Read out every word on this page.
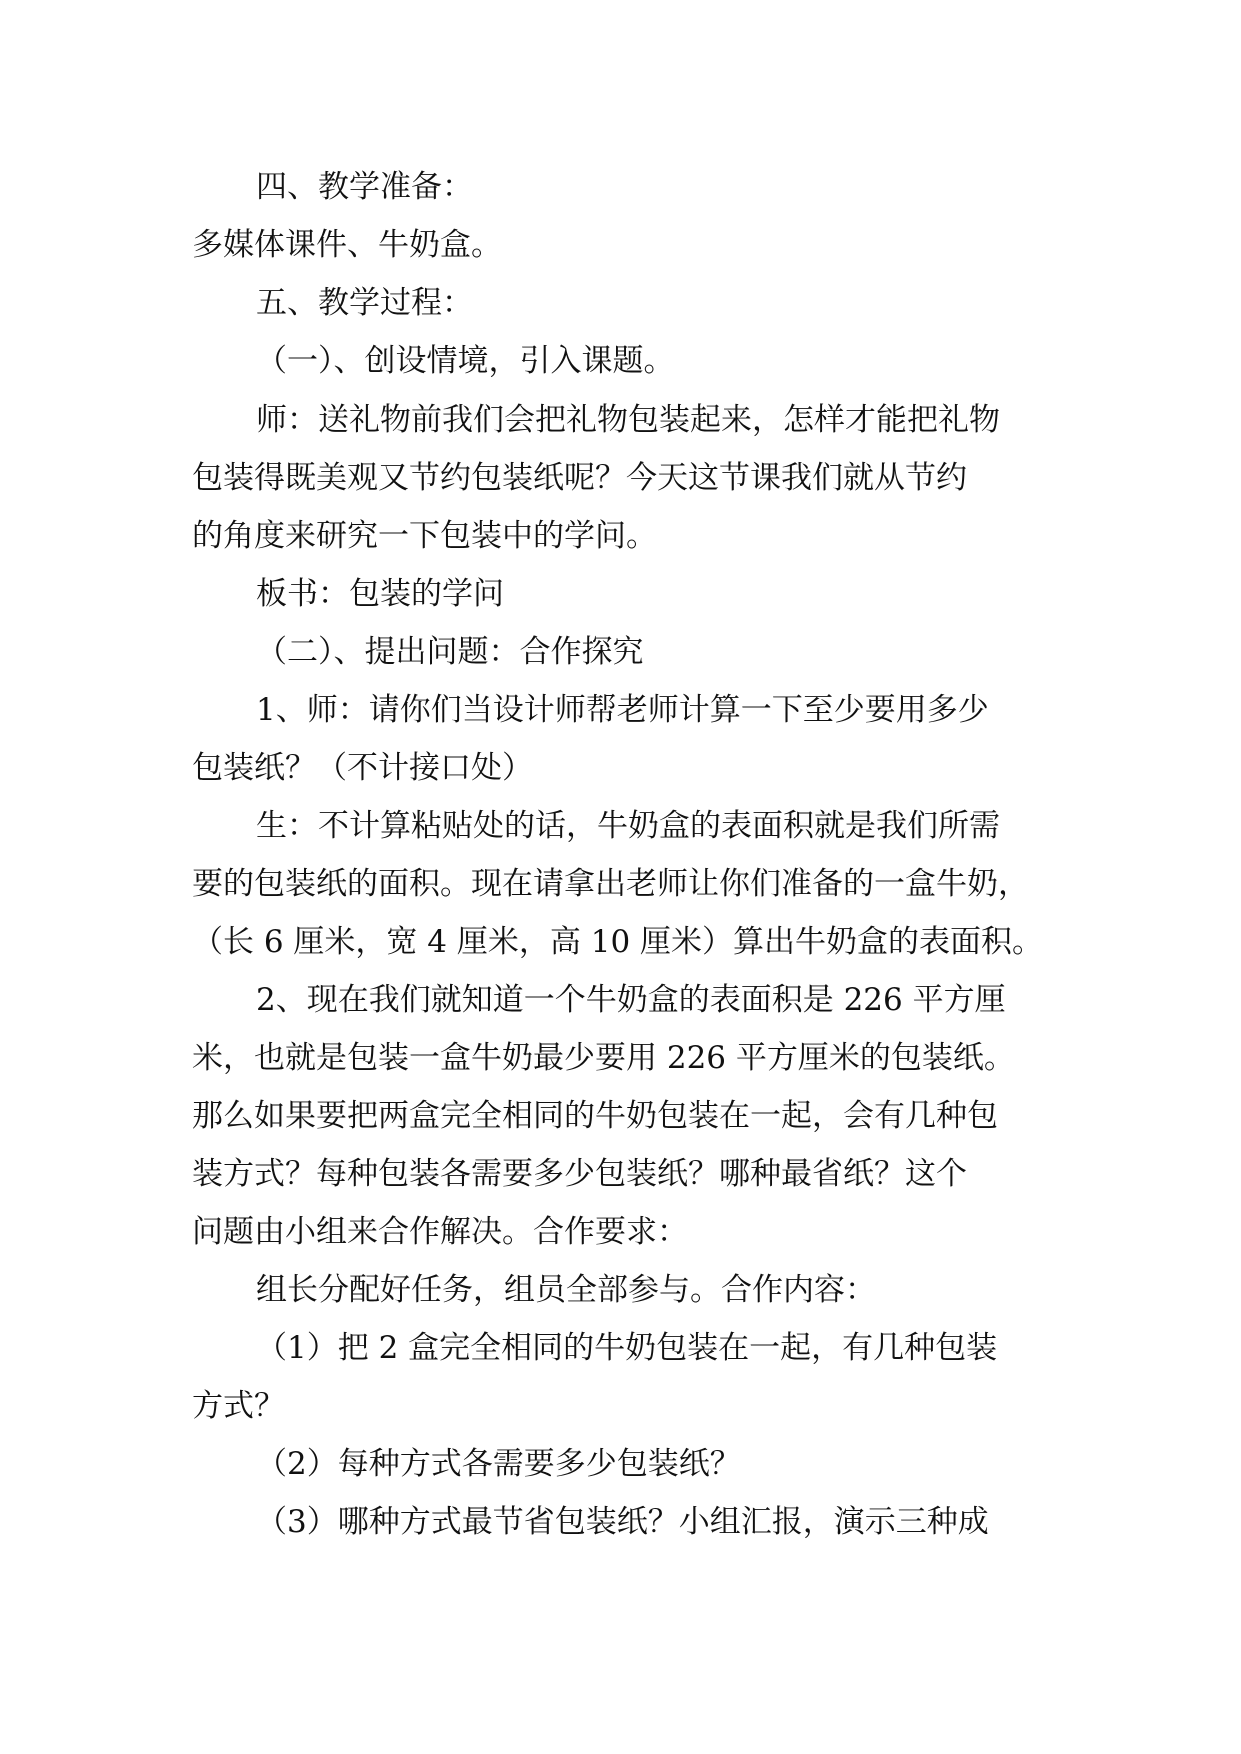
四、教学准备：
多媒体课件、牛奶盒。
五、教学过程：
（一）、创设情境，引入课题。
师：送礼物前我们会把礼物包装起来，怎样才能把礼物
包装得既美观又节约包装纸呢？今天这节课我们就从节约
的角度来研究一下包装中的学问。
板书：包装的学问
（二）、提出问题：合作探究
1、师：请你们当设计师帮老师计算一下至少要用多少
包装纸？（不计接口处）
生：不计算粘贴处的话，牛奶盒的表面积就是我们所需
要的包装纸的面积。现在请拿出老师让你们准备的一盒牛奶，
（长 6 厘米，宽 4 厘米，高 10 厘米）算出牛奶盒的表面积。
2、现在我们就知道一个牛奶盒的表面积是 226 平方厘
米，也就是包装一盒牛奶最少要用 226 平方厘米的包装纸。
那么如果要把两盒完全相同的牛奶包装在一起，会有几种包
装方式？每种包装各需要多少包装纸？哪种最省纸？这个
问题由小组来合作解决。合作要求：
组长分配好任务，组员全部参与。合作内容：
（1）把 2 盒完全相同的牛奶包装在一起，有几种包装
方式？
（2）每种方式各需要多少包装纸？
（3）哪种方式最节省包装纸？小组汇报，演示三种成
